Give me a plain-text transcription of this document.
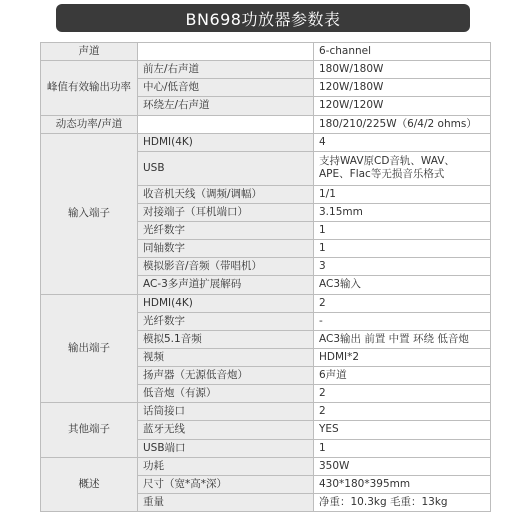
BN698功放器参数表
声道		6-channel
峰值有效输出功率	前左/右声道	180W/180W
	中心/低音炮	120W/180W
	环绕左/右声道	120W/120W
动态功率/声道		180/210/225W（6/4/2 ohms）
输入端子	HDMI(4K)	4
	USB	支持WAV原CD音轨、WAV、APE、Flac等无损音乐格式
	收音机天线（调频/调幅）	1/1
	对接端子（耳机端口）	3.15mm
	光纤数字	1
	同轴数字	1
	模拟影音/音频（带唱机）	3
	AC-3多声道扩展解码	AC3输入
输出端子	HDMI(4K)	2
	光纤数字	-
	模拟5.1音频	AC3输出 前置 中置 环绕 低音炮
	视频	HDMI*2
	扬声器（无源低音炮）	6声道
	低音炮（有源）	2
其他端子	话筒接口	2
	蓝牙无线	YES
	USB端口	1
概述	功耗	350W
	尺寸（宽*高*深）	430*180*395mm
	重量	净重：10.3kg 毛重：13kg
